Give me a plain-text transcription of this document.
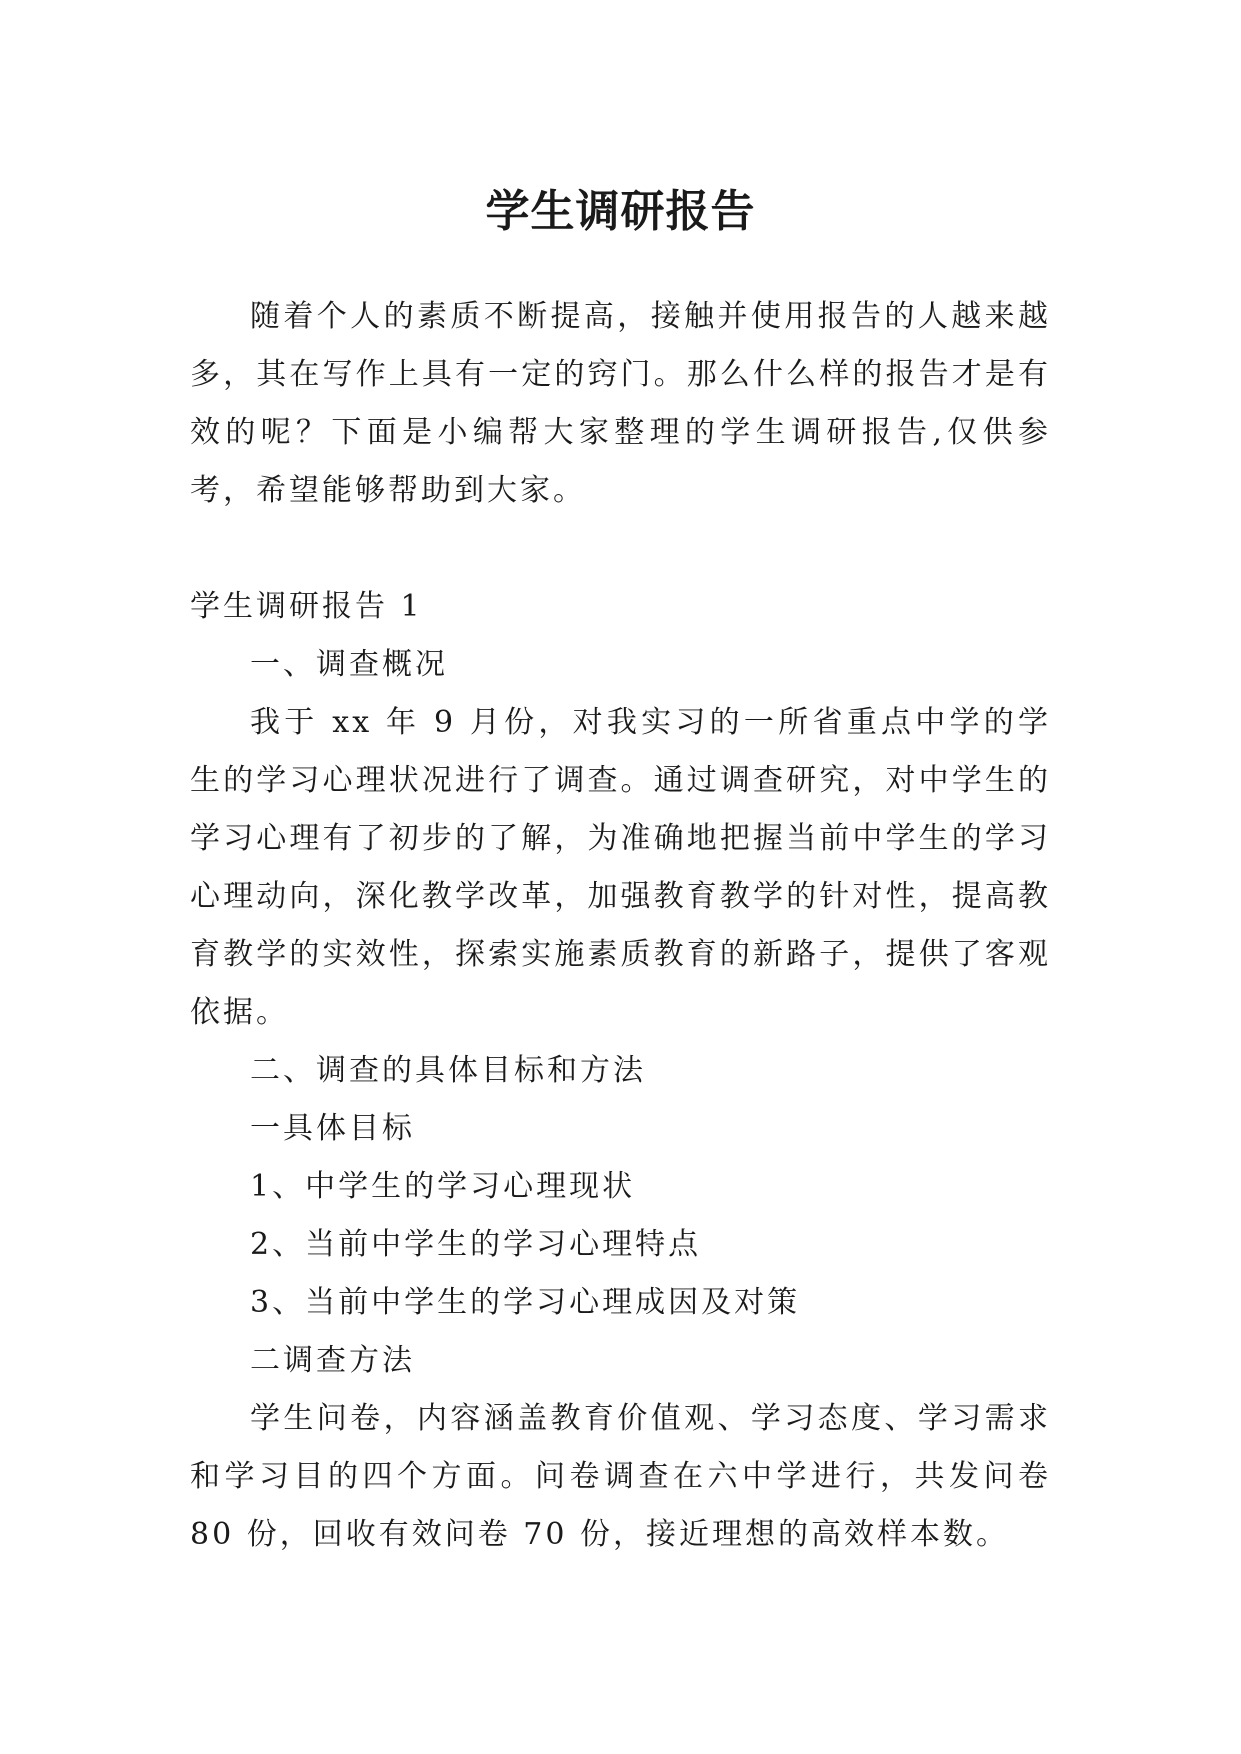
学生调研报告

随着个人的素质不断提高，接触并使用报告的人越来越多，其在写作上具有一定的窍门。那么什么样的报告才是有效的呢？下面是小编帮大家整理的学生调研报告,仅供参考，希望能够帮助到大家。

学生调研报告 1

一、调查概况

我于 xx 年 9 月份，对我实习的一所省重点中学的学生的学习心理状况进行了调查。通过调查研究，对中学生的学习心理有了初步的了解，为准确地把握当前中学生的学习心理动向，深化教学改革，加强教育教学的针对性，提高教育教学的实效性，探索实施素质教育的新路子，提供了客观依据。

二、调查的具体目标和方法

一具体目标

1、中学生的学习心理现状

2、当前中学生的学习心理特点

3、当前中学生的学习心理成因及对策

二调查方法

学生问卷，内容涵盖教育价值观、学习态度、学习需求和学习目的四个方面。问卷调查在六中学进行，共发问卷 80 份，回收有效问卷 70 份，接近理想的高效样本数。
